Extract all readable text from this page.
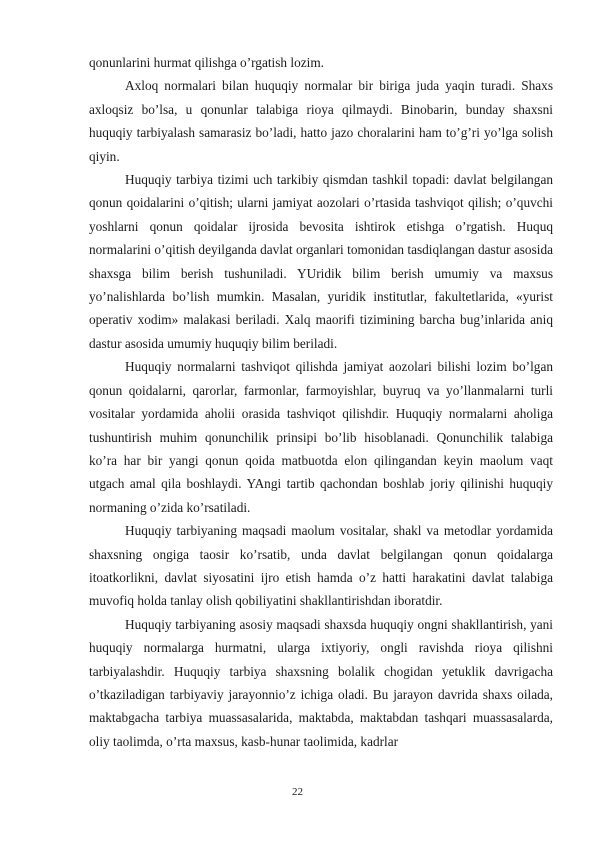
qonunlarini hurmat qilishga o’rgatish lozim.

Axloq normalari bilan huquqiy normalar bir biriga juda yaqin turadi. Shaxs axloqsiz bo’lsa, u qonunlar talabiga rioya qilmaydi. Binobarin, bunday shaxsni huquqiy tarbiyalash samarasiz bo’ladi, hatto jazo choralarini ham to’g’ri yo’lga solish qiyin.

Huquqiy tarbiya tizimi uch tarkibiy qismdan tashkil topadi: davlat belgilangan qonun qoidalarini o’qitish; ularni jamiyat aozolari o’rtasida tashviqot qilish; o’quvchi yoshlarni qonun qoidalar ijrosida bevosita ishtirok etishga o’rgatish. Huquq normalarini o’qitish deyilganda davlat organlari tomonidan tasdiqlangan dastur asosida shaxsga bilim berish tushuniladi. YUridik bilim berish umumiy va maxsus yo’nalishlarda bo’lish mumkin. Masalan, yuridik institutlar, fakultetlarida, «yurist operativ xodim» malakasi beriladi. Xalq maorifi tizimining barcha bug’inlarida aniq dastur asosida umumiy huquqiy bilim beriladi.

Huquqiy normalarni tashviqot qilishda jamiyat aozolari bilishi lozim bo’lgan qonun qoidalarni, qarorlar, farmonlar, farmoyishlar, buyruq va yo’llanmalarni turli vositalar yordamida aholii orasida tashviqot qilishdir. Huquqiy normalarni aholiga tushuntirish muhim qonunchilik prinsipi bo’lib hisoblanadi. Qonunchilik talabiga ko’ra har bir yangi qonun qoida matbuotda elon qilingandan keyin maolum vaqt utgach amal qila boshlaydi. YAngi tartib qachondan boshlab joriy qilinishi huquqiy normaning o’zida ko’rsatiladi.

Huquqiy tarbiyaning maqsadi maolum vositalar, shakl va metodlar yordamida shaxsning ongiga taosir ko’rsatib, unda davlat belgilangan qonun qoidalarga itoatkorlikni, davlat siyosatini ijro etish hamda o’z hatti harakatini davlat talabiga muvofiq holda tanlay olish qobiliyatini shakllantirishdan iboratdir.

Huquqiy tarbiyaning asosiy maqsadi shaxsda huquqiy ongni shakllantirish, yani huquqiy normalarga hurmatni, ularga ixtiyoriy, ongli ravishda rioya qilishni tarbiyalashdir. Huquqiy tarbiya shaxsning bolalik chogidan yetuklik davrigacha o’tkaziladigan tarbiyaviy jarayonnio’z ichiga oladi. Bu jarayon davrida shaxs oilada, maktabgacha tarbiya muassasalarida, maktabda, maktabdan tashqari muassasalarda, oliy taolimda, o’rta maxsus, kasb-hunar taolimida, kadrlar

22
